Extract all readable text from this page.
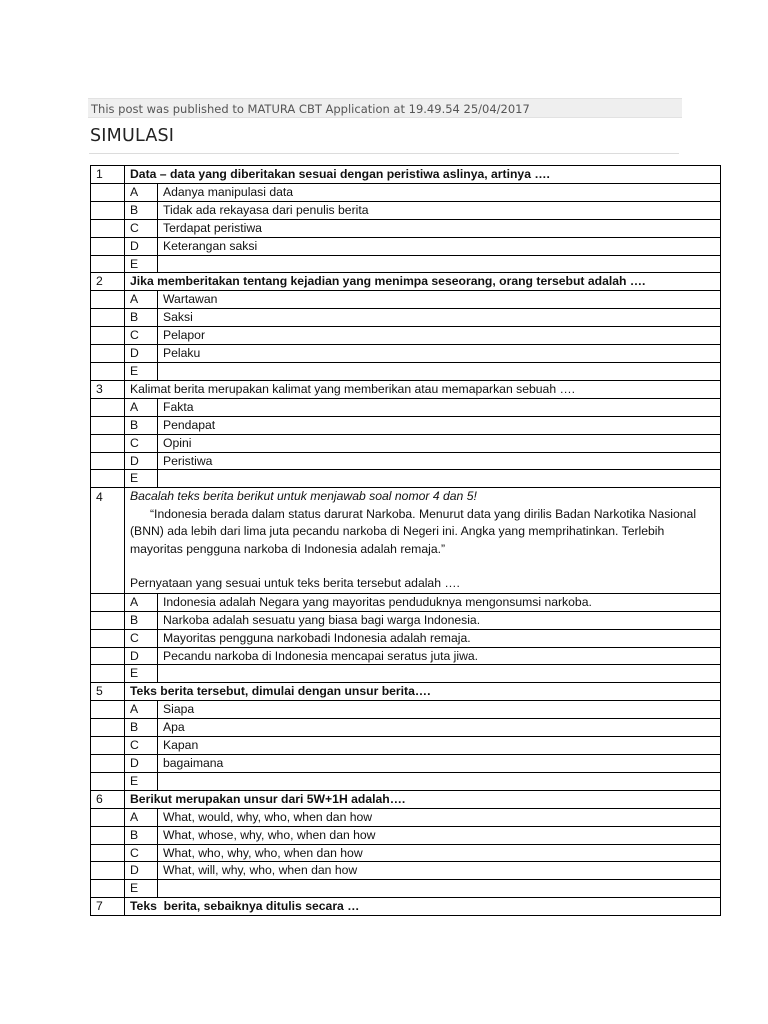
This post was published to MATURA CBT Application at 19.49.54 25/04/2017
SIMULASI
1	Data – data yang diberitakan sesuai dengan peristiwa aslinya, artinya ….	
	A	Adanya manipulasi data
	B	Tidak ada rekayasa dari penulis berita
	C	Terdapat peristiwa
	D	Keterangan saksi
	E	
2	Jika memberitakan tentang kejadian yang menimpa seseorang, orang tersebut adalah ….	
	A	Wartawan
	B	Saksi
	C	Pelapor
	D	Pelaku
	E	
3	Kalimat berita merupakan kalimat yang memberikan atau memaparkan sebuah ….	
	A	Fakta
	B	Pendapat
	C	Opini
	D	Peristiwa
	E	
4	Bacalah teks berita berikut untuk menjawab soal nomor 4 dan 5!
“Indonesia berada dalam status darurat Narkoba. Menurut data yang dirilis Badan Narkotika Nasional (BNN) ada lebih dari lima juta pecandu narkoba di Negeri ini. Angka yang memprihatinkan. Terlebih mayoritas pengguna narkoba di Indonesia adalah remaja.”
Pernyataan yang sesuai untuk teks berita tersebut adalah ….	

	A	Indonesia adalah Negara yang mayoritas penduduknya mengonsumsi narkoba.
	B	Narkoba adalah sesuatu yang biasa bagi warga Indonesia.
	C	Mayoritas pengguna narkobadi Indonesia adalah remaja.
	D	Pecandu narkoba di Indonesia mencapai seratus juta jiwa.
	E	
5	Teks berita tersebut, dimulai dengan unsur berita….	
	A	Siapa
	B	Apa
	C	Kapan
	D	bagaimana
	E	
6	Berikut merupakan unsur dari 5W+1H adalah….	
	A	What, would, why, who, when dan how
	B	What, whose, why, who, when dan how
	C	What, who, why, who, when dan how
	D	What, will, why, who, when dan how
	E	
7	Teks  berita, sebaiknya ditulis secara …	
